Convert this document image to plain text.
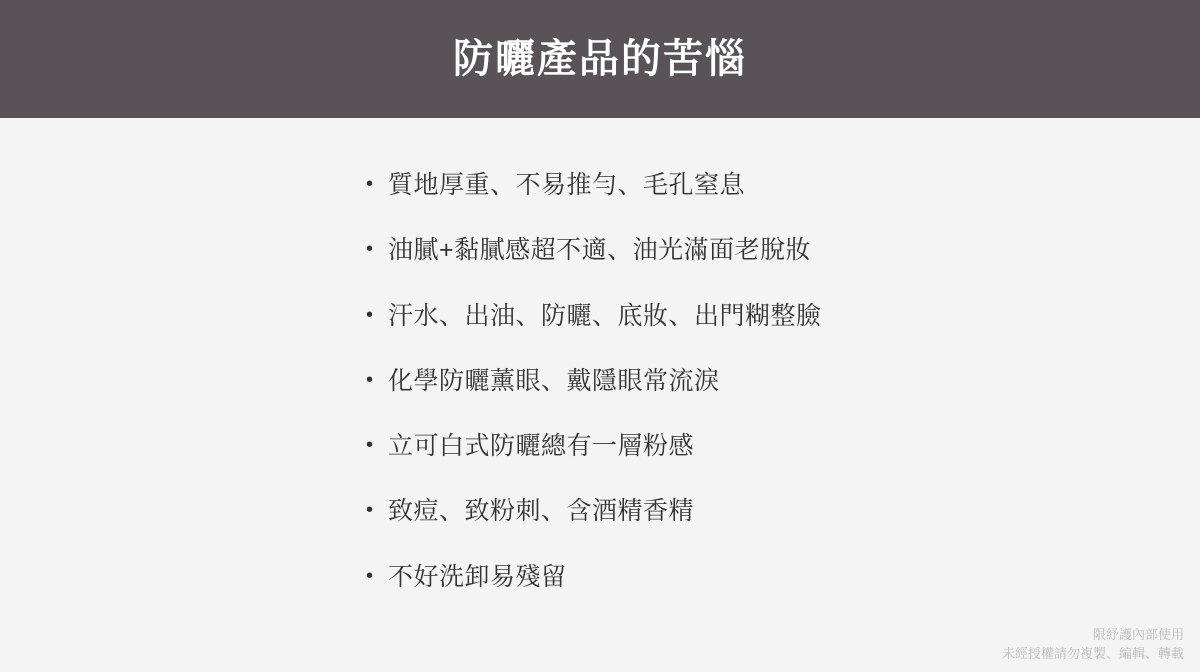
防曬產品的苦惱
• 質地厚重、不易推勻、毛孔窒息
• 油膩+黏膩感超不適、油光滿面老脫妝
• 汗水、出油、防曬、底妝、出門糊整臉
• 化學防曬薰眼、戴隱眼常流淚
• 立可白式防曬總有一層粉感
• 致痘、致粉刺、含酒精香精
• 不好洗卸易殘留
限紓護內部使用
未經授權請勿複製、編輯、轉載
